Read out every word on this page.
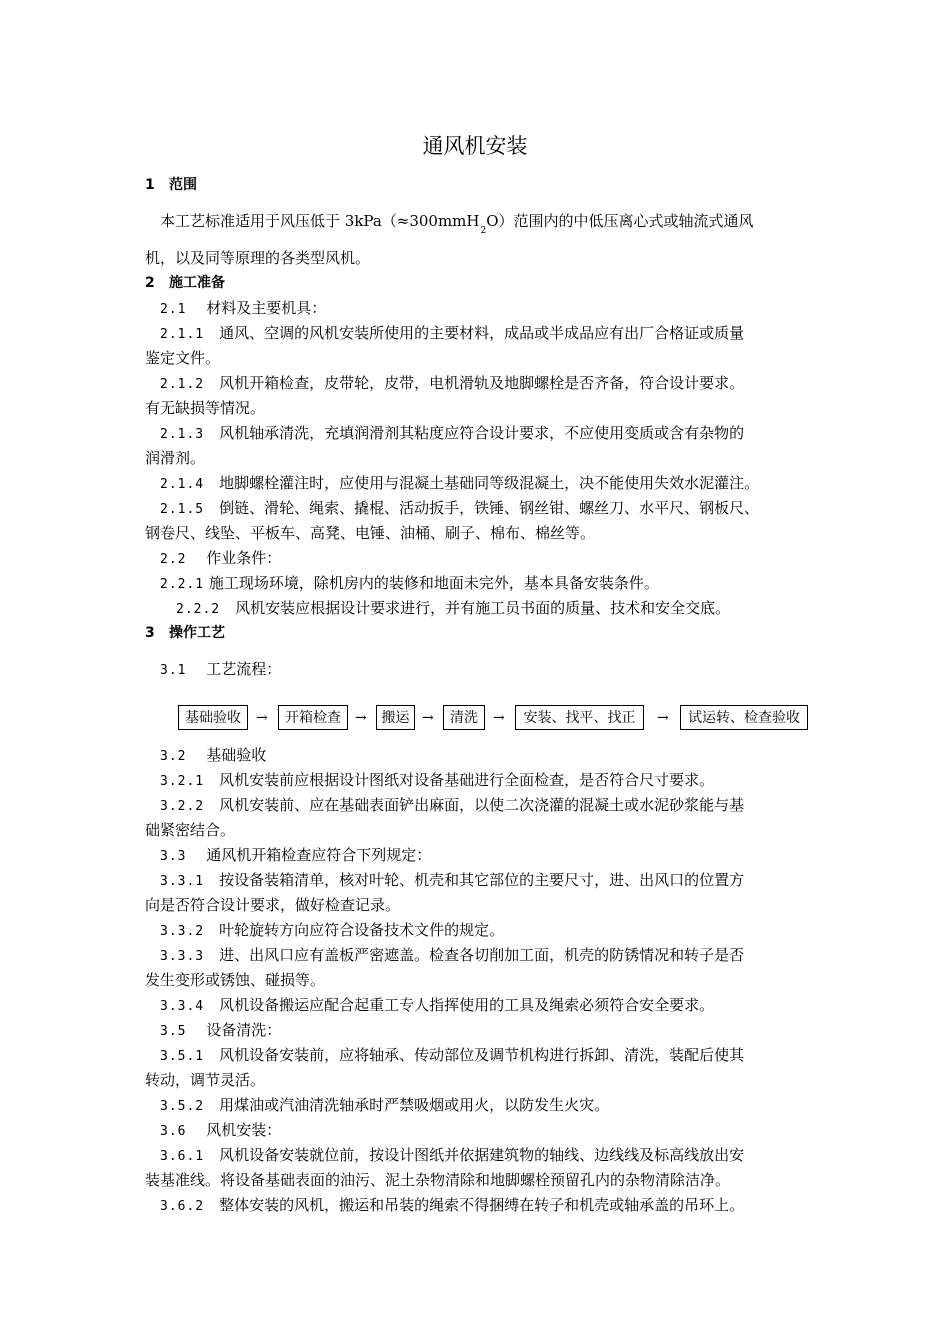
通风机安装
1 范围
本工艺标准适用于风压低于 3kPa（≈300mmH$_2$O）范围内的中低压离心式或轴流式通风
机，以及同等原理的各类型风机。
2 施工准备
2.1　 材料及主要机具：
2.1.1　 通风、空调的风机安装所使用的主要材料，成品或半成品应有出厂合格证或质量
鉴定文件。
2.1.2　 风机开箱检查，皮带轮，皮带，电机滑轨及地脚螺栓是否齐备，符合设计要求。
有无缺损等情况。
2.1.3　 风机轴承清洗，充填润滑剂其粘度应符合设计要求，不应使用变质或含有杂物的
润滑剂。
2.1.4　 地脚螺栓灌注时，应使用与混凝土基础同等级混凝土，决不能使用失效水泥灌注。
2.1.5　 倒链、滑轮、绳索、撬棍、活动扳手，铁锤、钢丝钳、螺丝刀、水平尺、钢板尺、
钢卷尺、线坠、平板车、高凳、电锤、油桶、刷子、棉布、棉丝等。
2.2　 作业条件：
2.2.1 施工现场环境，除机房内的装修和地面未完外，基本具备安装条件。
2.2.2　 风机安装应根据设计要求进行，并有施工员书面的质量、技术和安全交底。
3 操作工艺
3.1　 工艺流程：
基础验收	→	开箱检查	→	搬运 →	清洗	→	安装、找平、找正	→	试运转、检查验收
3.2　 基础验收
3.2.1　 风机安装前应根据设计图纸对设备基础进行全面检查，是否符合尺寸要求。
3.2.2　 风机安装前、应在基础表面铲出麻面，以使二次浇灌的混凝土或水泥砂浆能与基
础紧密结合。
3.3　 通风机开箱检查应符合下列规定：
3.3.1　 按设备装箱清单，核对叶轮、机壳和其它部位的主要尺寸，进、出风口的位置方
向是否符合设计要求，做好检查记录。
3.3.2　 叶轮旋转方向应符合设备技术文件的规定。
3.3.3　 进、出风口应有盖板严密遮盖。检查各切削加工面，机壳的防锈情况和转子是否
发生变形或锈蚀、碰损等。
3.3.4　 风机设备搬运应配合起重工专人指挥使用的工具及绳索必须符合安全要求。
3.5　 设备清洗：
3.5.1　 风机设备安装前，应将轴承、传动部位及调节机构进行拆卸、清洗，装配后使其
转动，调节灵活。
3.5.2　 用煤油或汽油清洗轴承时严禁吸烟或用火，以防发生火灾。
3.6　 风机安装：
3.6.1　 风机设备安装就位前，按设计图纸并依据建筑物的轴线、边线线及标高线放出安
装基准线。将设备基础表面的油污、泥土杂物清除和地脚螺栓预留孔内的杂物清除洁净。
3.6.2　 整体安装的风机，搬运和吊装的绳索不得捆缚在转子和机壳或轴承盖的吊环上。
